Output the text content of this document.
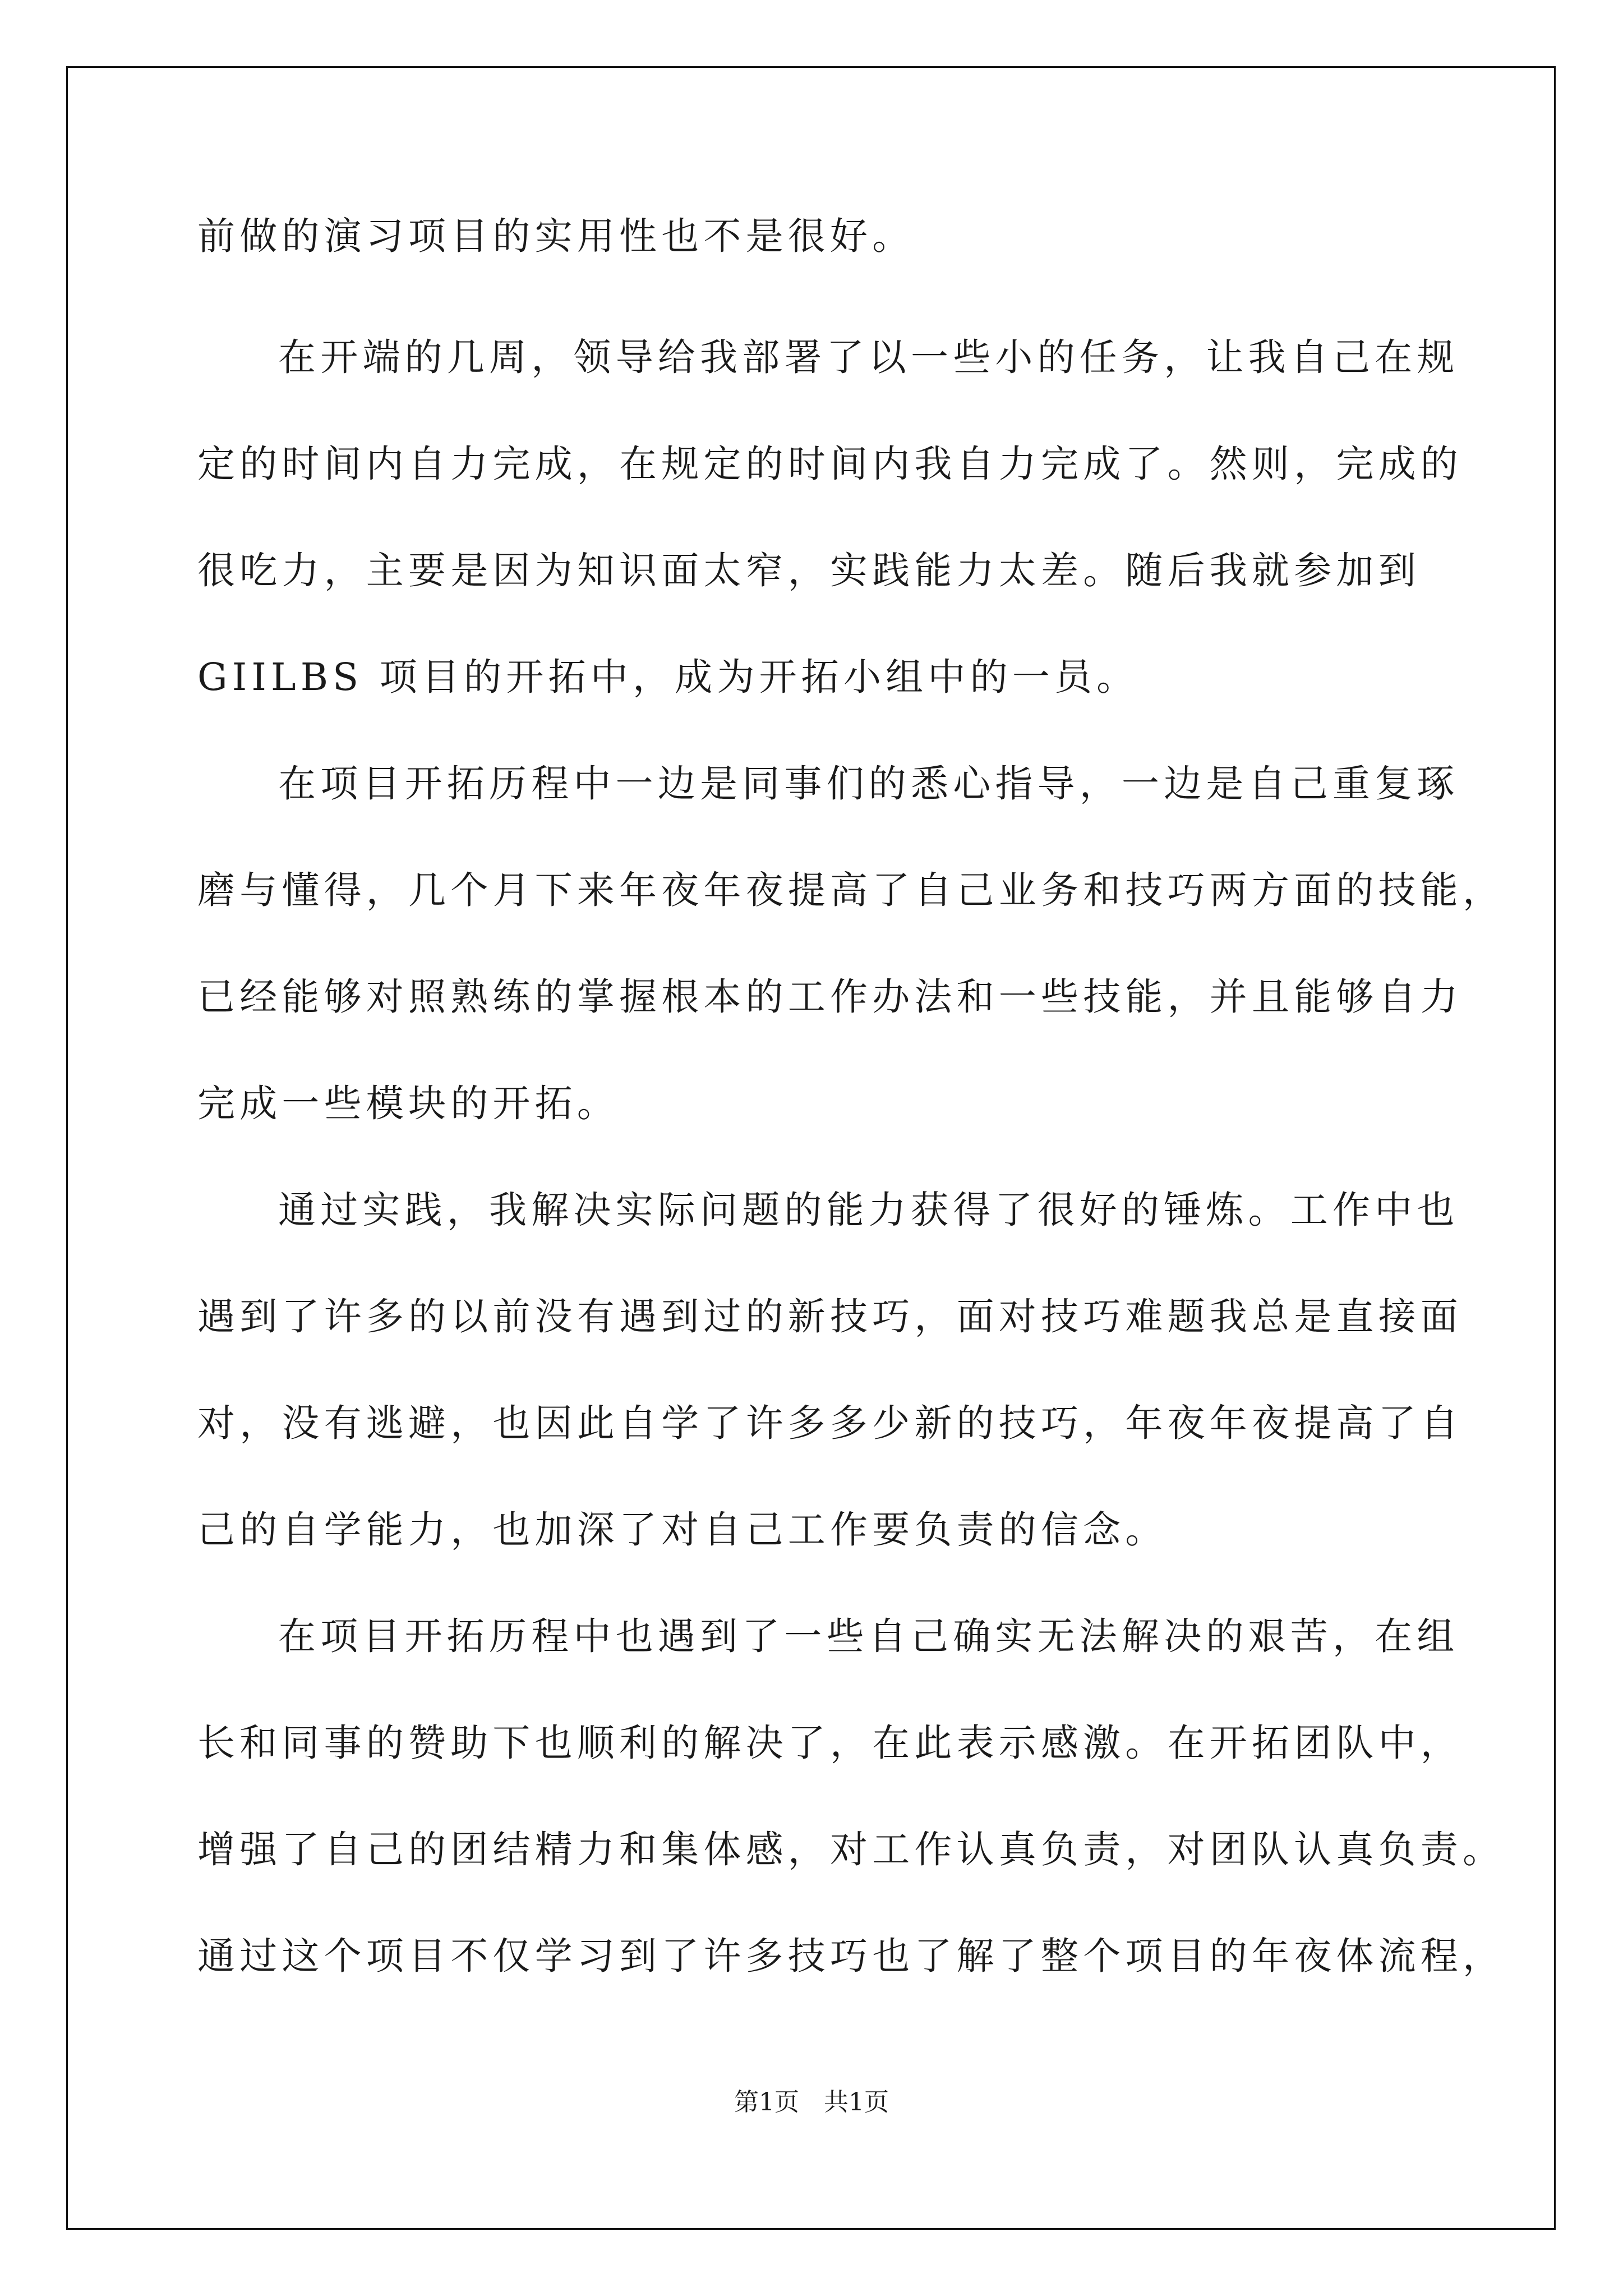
前做的演习项目的实用性也不是很好。
在开端的几周，领导给我部署了以一些小的任务，让我自己在规
定的时间内自力完成，在规定的时间内我自力完成了。然则，完成的
很吃力，主要是因为知识面太窄，实践能力太差。随后我就参加到
GIILBS 项目的开拓中，成为开拓小组中的一员。
在项目开拓历程中一边是同事们的悉心指导，一边是自己重复琢
磨与懂得，几个月下来年夜年夜提高了自己业务和技巧两方面的技能，
已经能够对照熟练的掌握根本的工作办法和一些技能，并且能够自力
完成一些模块的开拓。
通过实践，我解决实际问题的能力获得了很好的锤炼。工作中也
遇到了许多的以前没有遇到过的新技巧，面对技巧难题我总是直接面
对，没有逃避，也因此自学了许多多少新的技巧，年夜年夜提高了自
己的自学能力，也加深了对自己工作要负责的信念。
在项目开拓历程中也遇到了一些自己确实无法解决的艰苦，在组
长和同事的赞助下也顺利的解决了，在此表示感激。在开拓团队中，
增强了自己的团结精力和集体感，对工作认真负责，对团队认真负责。
通过这个项目不仅学习到了许多技巧也了解了整个项目的年夜体流程，
第1页　共1页
